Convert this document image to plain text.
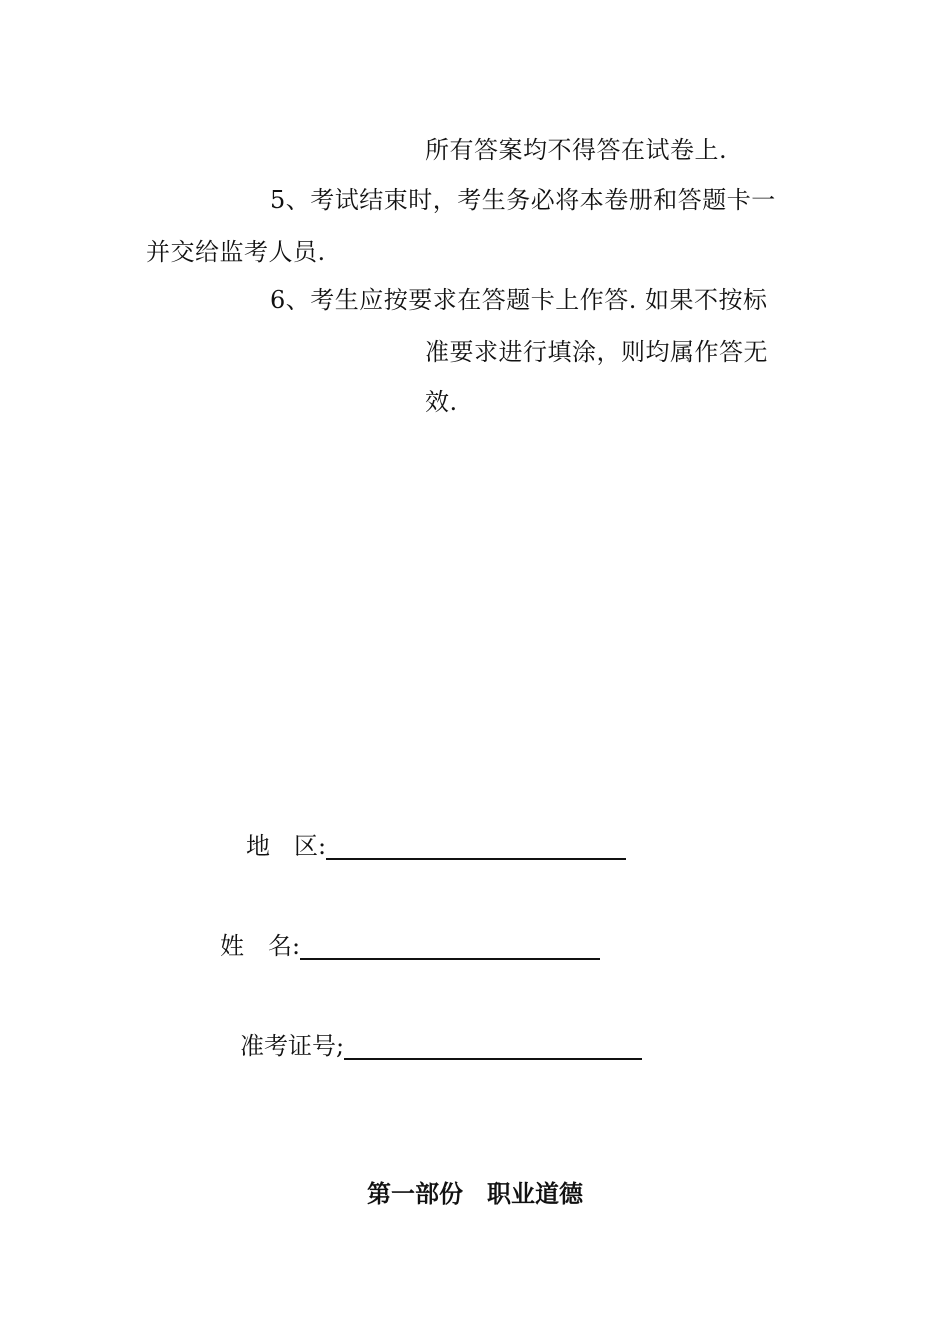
所有答案均不得答在试卷上.
5、考试结束时，考生务必将本卷册和答题卡一
并交给监考人员.
6、考生应按要求在答题卡上作答. 如果不按标
准要求进行填涂，则均属作答无
效.
地　区:
姓　名:
准考证号;
第一部份　职业道德
